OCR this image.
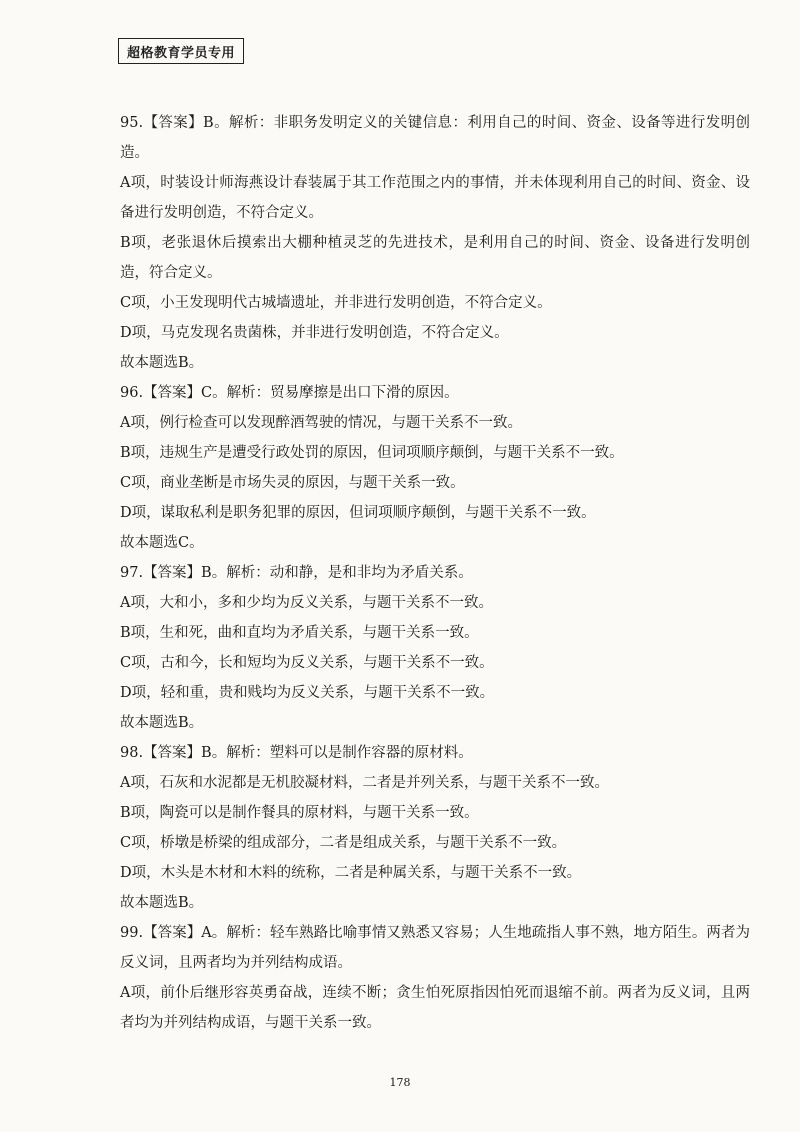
超格教育学员专用

95.【答案】B。解析：非职务发明定义的关键信息：利用自己的时间、资金、设备等进行发明创造。

A项，时装设计师海燕设计春装属于其工作范围之内的事情，并未体现利用自己的时间、资金、设备进行发明创造，不符合定义。

B项，老张退休后摸索出大棚种植灵芝的先进技术，是利用自己的时间、资金、设备进行发明创造，符合定义。

C项，小王发现明代古城墙遗址，并非进行发明创造，不符合定义。

D项，马克发现名贵菌株，并非进行发明创造，不符合定义。

故本题选B。

96.【答案】C。解析：贸易摩擦是出口下滑的原因。

A项，例行检查可以发现醉酒驾驶的情况，与题干关系不一致。

B项，违规生产是遭受行政处罚的原因，但词项顺序颠倒，与题干关系不一致。

C项，商业垄断是市场失灵的原因，与题干关系一致。

D项，谋取私利是职务犯罪的原因，但词项顺序颠倒，与题干关系不一致。

故本题选C。

97.【答案】B。解析：动和静，是和非均为矛盾关系。

A项，大和小，多和少均为反义关系，与题干关系不一致。

B项，生和死，曲和直均为矛盾关系，与题干关系一致。

C项，古和今，长和短均为反义关系，与题干关系不一致。

D项，轻和重，贵和贱均为反义关系，与题干关系不一致。

故本题选B。

98.【答案】B。解析：塑料可以是制作容器的原材料。

A项，石灰和水泥都是无机胶凝材料，二者是并列关系，与题干关系不一致。

B项，陶瓷可以是制作餐具的原材料，与题干关系一致。

C项，桥墩是桥梁的组成部分，二者是组成关系，与题干关系不一致。

D项，木头是木材和木料的统称，二者是种属关系，与题干关系不一致。

故本题选B。

99.【答案】A。解析：轻车熟路比喻事情又熟悉又容易；人生地疏指人事不熟，地方陌生。两者为反义词，且两者均为并列结构成语。

A项，前仆后继形容英勇奋战，连续不断；贪生怕死原指因怕死而退缩不前。两者为反义词，且两者均为并列结构成语，与题干关系一致。

178
